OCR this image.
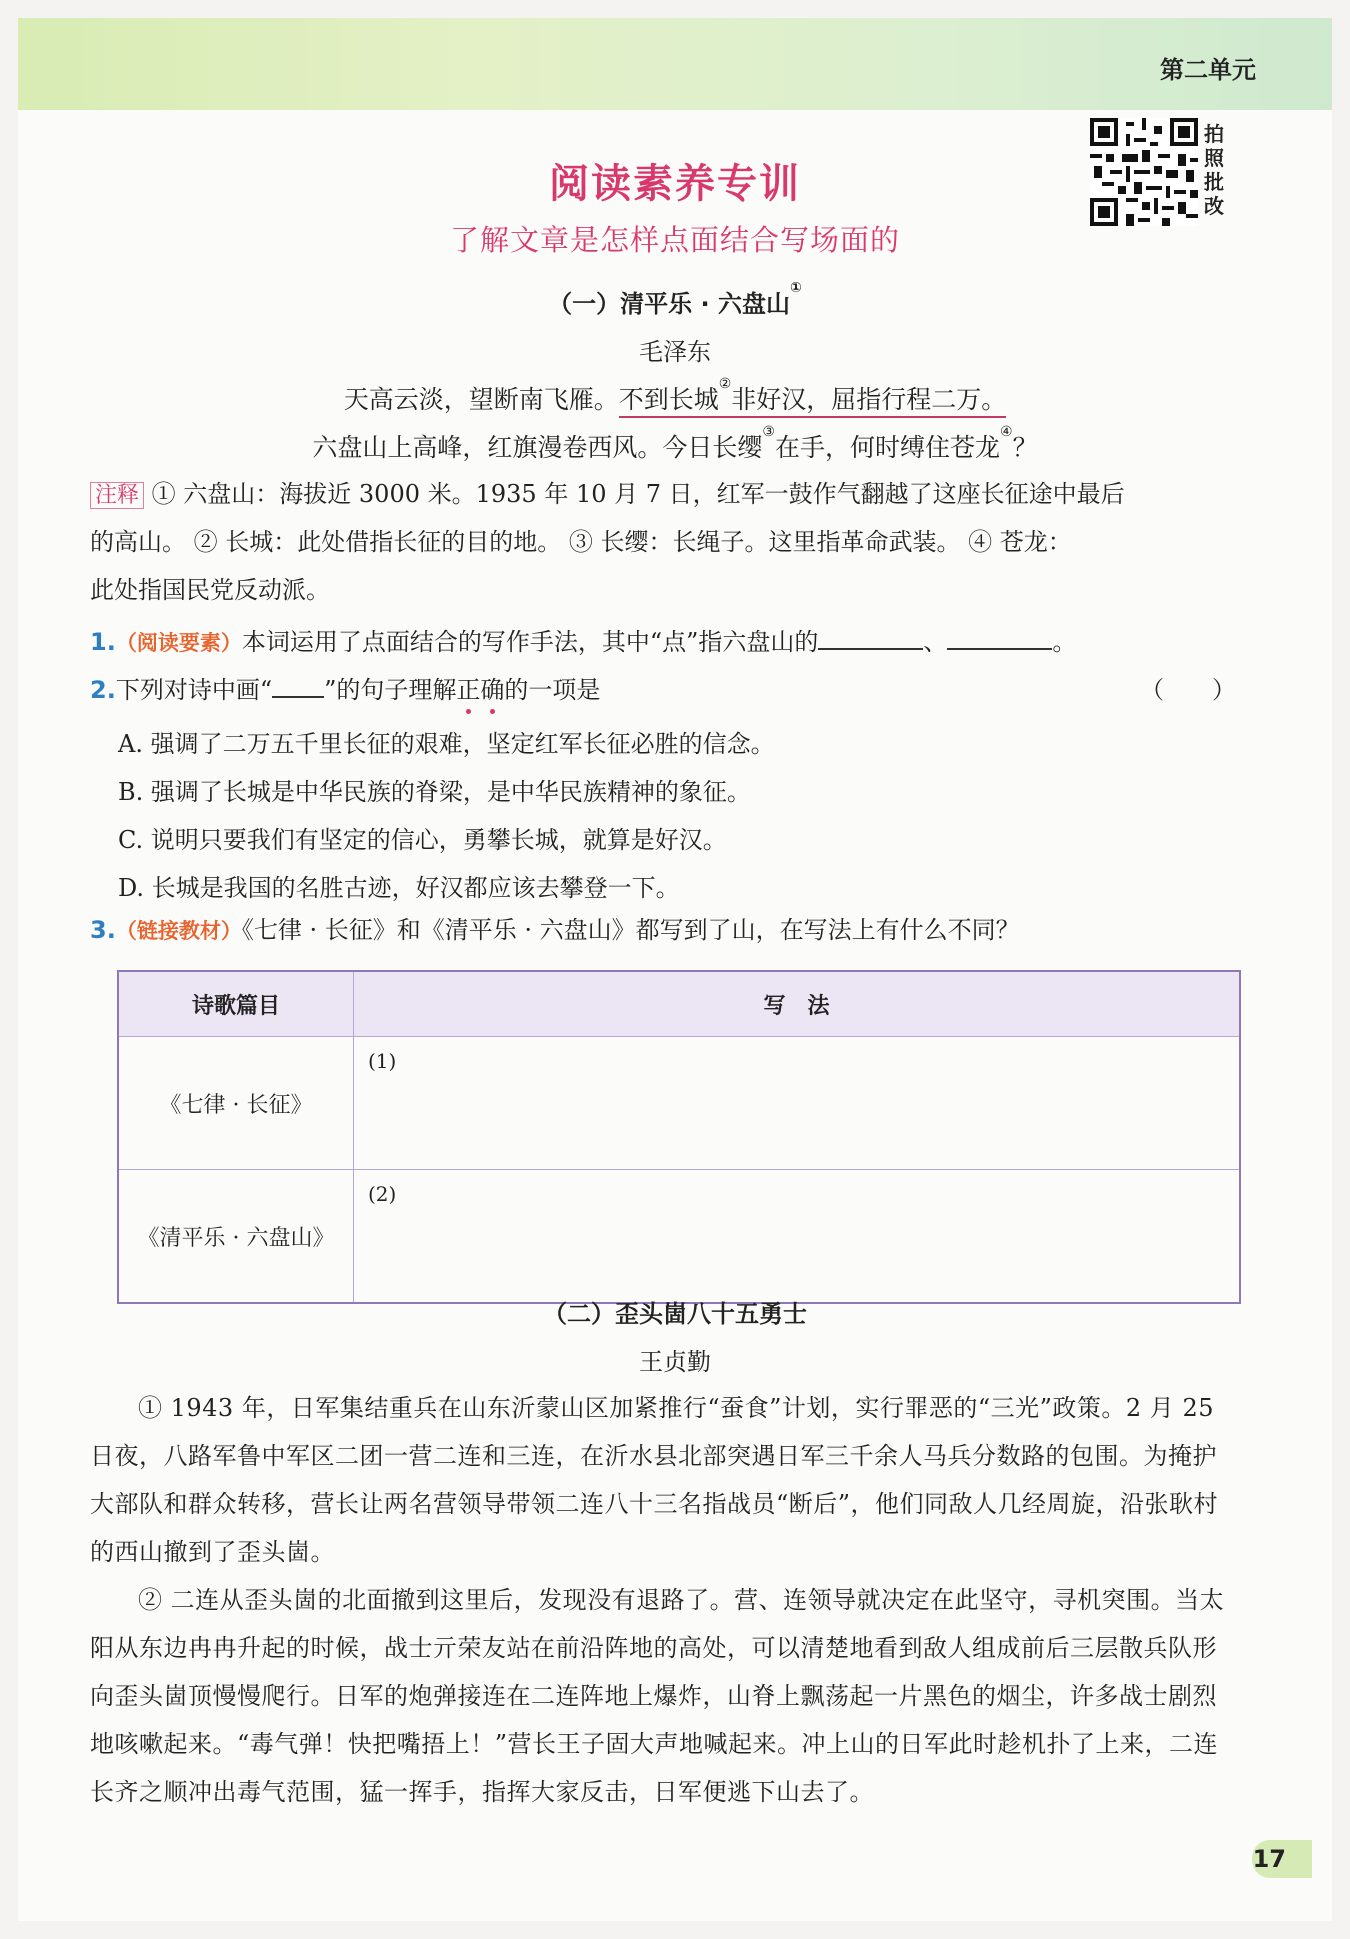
第二单元
拍
照
批
改
阅读素养专训
了解文章是怎样点面结合写场面的
（一）清平乐 · 六盘山①
毛泽东
天高云淡，望断南飞雁。不到长城②非好汉，屈指行程二万。
六盘山上高峰，红旗漫卷西风。今日长缨③在手，何时缚住苍龙④？
注释 ① 六盘山：海拔近 3000 米。1935 年 10 月 7 日，红军一鼓作气翻越了这座长征途中最后
的高山。 ② 长城：此处借指长征的目的地。 ③ 长缨：长绳子。这里指革命武装。 ④ 苍龙：
此处指国民党反动派。
1.（阅读要素）本词运用了点面结合的写作手法，其中“点”指六盘山的	、	。
2.下列对诗中画“ ”的句子理解正确的一项是	（　　）
A. 强调了二万五千里长征的艰难，坚定红军长征必胜的信念。
B. 强调了长城是中华民族的脊梁，是中华民族精神的象征。
C. 说明只要我们有坚定的信心，勇攀长城，就算是好汉。
D. 长城是我国的名胜古迹，好汉都应该去攀登一下。
3.（链接教材）《七律 · 长征》和《清平乐 · 六盘山》都写到了山，在写法上有什么不同？
诗歌篇目	写　法
《七律 · 长征》	(1)
《清平乐 · 六盘山》	(2)
（二）歪头崮八十五勇士
王贞勤
① 1943 年，日军集结重兵在山东沂蒙山区加紧推行“蚕食”计划，实行罪恶的“三光”政策。2 月 25 日夜，八路军鲁中军区二团一营二连和三连，在沂水县北部突遇日军三千余人马兵分数路的包围。为掩护大部队和群众转移，营长让两名营领导带领二连八十三名指战员“断后”，他们同敌人几经周旋，沿张耿村的西山撤到了歪头崮。
② 二连从歪头崮的北面撤到这里后，发现没有退路了。营、连领导就决定在此坚守，寻机突围。当太阳从东边冉冉升起的时候，战士亓荣友站在前沿阵地的高处，可以清楚地看到敌人组成前后三层散兵队形向歪头崮顶慢慢爬行。日军的炮弹接连在二连阵地上爆炸，山脊上飘荡起一片黑色的烟尘，许多战士剧烈地咳嗽起来。“毒气弹！快把嘴捂上！”营长王子固大声地喊起来。冲上山的日军此时趁机扑了上来，二连长齐之顺冲出毒气范围，猛一挥手，指挥大家反击，日军便逃下山去了。
17
